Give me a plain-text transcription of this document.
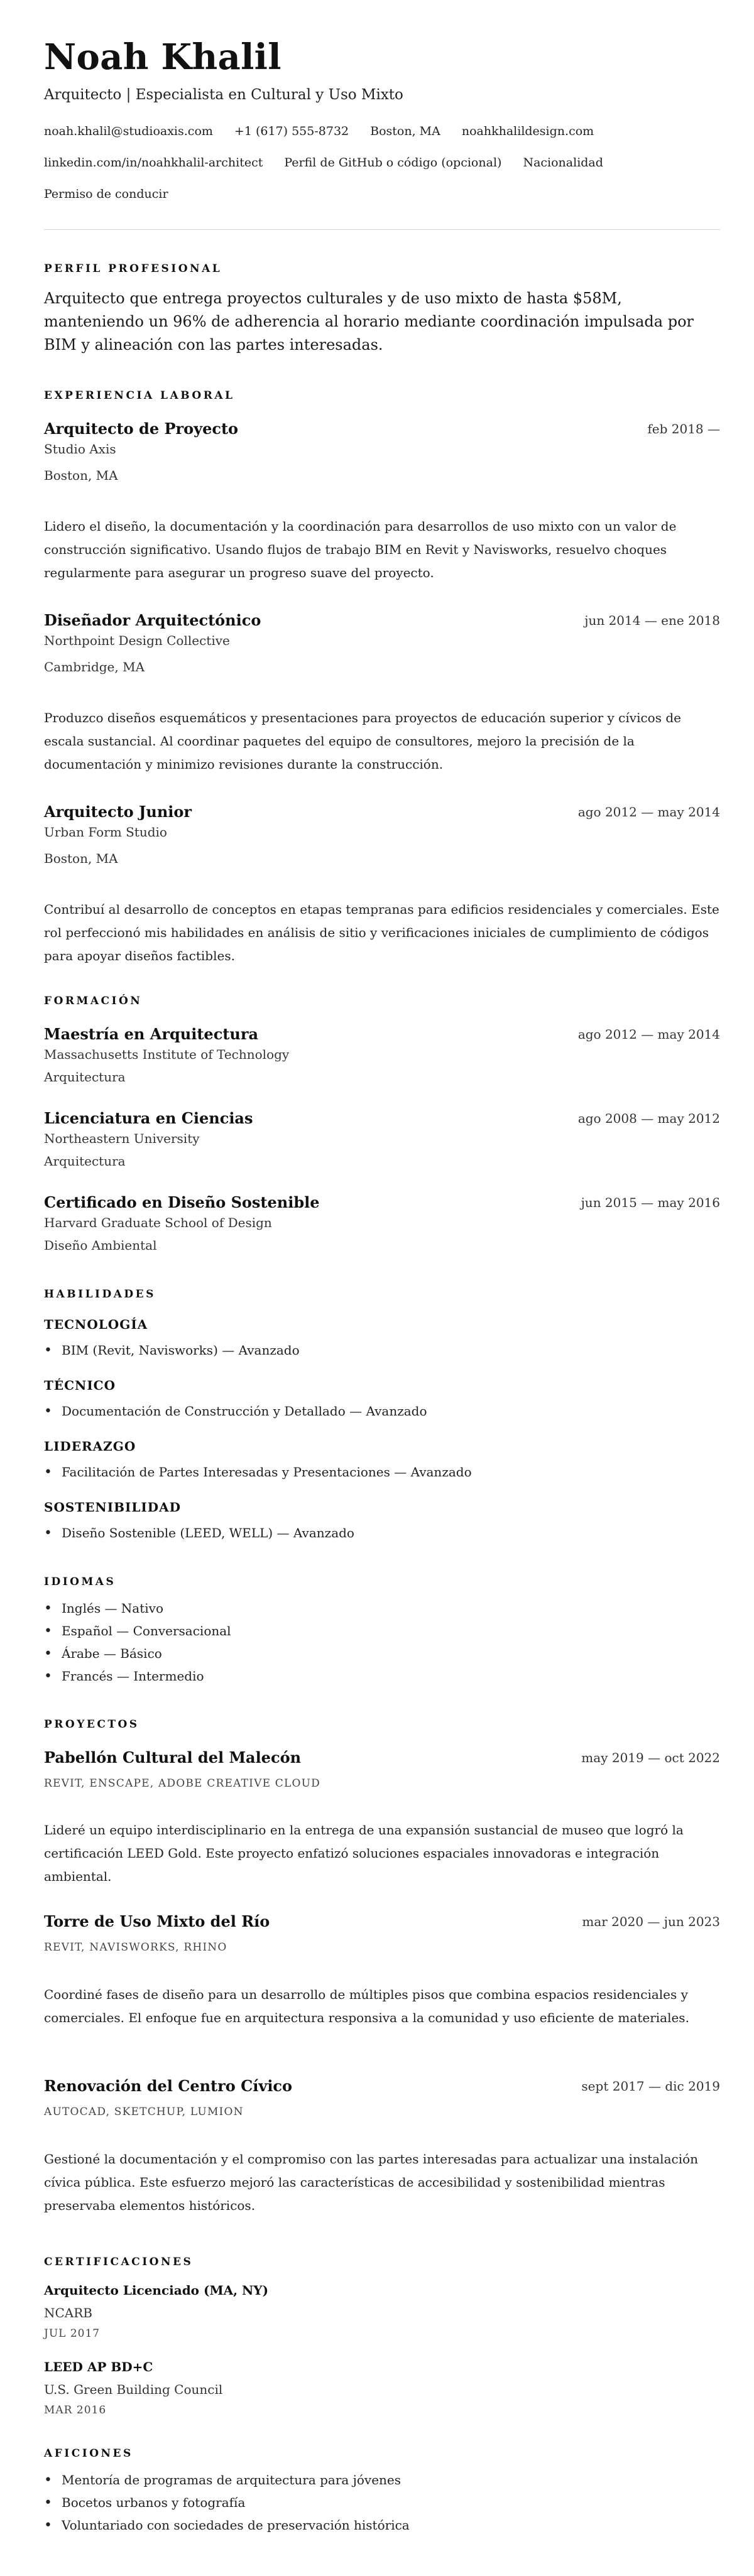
Noah Khalil
Arquitecto | Especialista en Cultural y Uso Mixto
noah.khalil@studioaxis.com +1 (617) 555-8732 Boston, MA noahkhalildesign.com
linkedin.com/in/noahkhalil-architect Perfil de GitHub o código (opcional) Nacionalidad
Permiso de conducir
PERFIL PROFESIONAL
Arquitecto que entrega proyectos culturales y de uso mixto de hasta $58M, manteniendo un 96% de adherencia al horario mediante coordinación impulsada por BIM y alineación con las partes interesadas.
EXPERIENCIA LABORAL
Arquitecto de Proyecto	feb 2018 —
Studio Axis
Boston, MA
Lidero el diseño, la documentación y la coordinación para desarrollos de uso mixto con un valor de construcción significativo. Usando flujos de trabajo BIM en Revit y Navisworks, resuelvo choques regularmente para asegurar un progreso suave del proyecto.
Diseñador Arquitectónico	jun 2014 — ene 2018
Northpoint Design Collective
Cambridge, MA
Produzco diseños esquemáticos y presentaciones para proyectos de educación superior y cívicos de escala sustancial. Al coordinar paquetes del equipo de consultores, mejoro la precisión de la documentación y minimizo revisiones durante la construcción.
Arquitecto Junior	ago 2012 — may 2014
Urban Form Studio
Boston, MA
Contribuí al desarrollo de conceptos en etapas tempranas para edificios residenciales y comerciales. Este rol perfeccionó mis habilidades en análisis de sitio y verificaciones iniciales de cumplimiento de códigos para apoyar diseños factibles.
FORMACIÓN
Maestría en Arquitectura	ago 2012 — may 2014
Massachusetts Institute of Technology
Arquitectura
Licenciatura en Ciencias	ago 2008 — may 2012
Northeastern University
Arquitectura
Certificado en Diseño Sostenible	jun 2015 — may 2016
Harvard Graduate School of Design
Diseño Ambiental
HABILIDADES
TECNOLOGÍA
• BIM (Revit, Navisworks) — Avanzado
TÉCNICO
• Documentación de Construcción y Detallado — Avanzado
LIDERAZGO
• Facilitación de Partes Interesadas y Presentaciones — Avanzado
SOSTENIBILIDAD
• Diseño Sostenible (LEED, WELL) — Avanzado
IDIOMAS
• Inglés — Nativo
• Español — Conversacional
• Árabe — Básico
• Francés — Intermedio
PROYECTOS
Pabellón Cultural del Malecón	may 2019 — oct 2022
REVIT, ENSCAPE, ADOBE CREATIVE CLOUD
Lideré un equipo interdisciplinario en la entrega de una expansión sustancial de museo que logró la certificación LEED Gold. Este proyecto enfatizó soluciones espaciales innovadoras e integración ambiental.
Torre de Uso Mixto del Río	mar 2020 — jun 2023
REVIT, NAVISWORKS, RHINO
Coordiné fases de diseño para un desarrollo de múltiples pisos que combina espacios residenciales y comerciales. El enfoque fue en arquitectura responsiva a la comunidad y uso eficiente de materiales.
Renovación del Centro Cívico	sept 2017 — dic 2019
AUTOCAD, SKETCHUP, LUMION
Gestioné la documentación y el compromiso con las partes interesadas para actualizar una instalación cívica pública. Este esfuerzo mejoró las características de accesibilidad y sostenibilidad mientras preservaba elementos históricos.
CERTIFICACIONES
Arquitecto Licenciado (MA, NY)
NCARB
JUL 2017
LEED AP BD+C
U.S. Green Building Council
MAR 2016
AFICIONES
• Mentoría de programas de arquitectura para jóvenes
• Bocetos urbanos y fotografía
• Voluntariado con sociedades de preservación histórica
